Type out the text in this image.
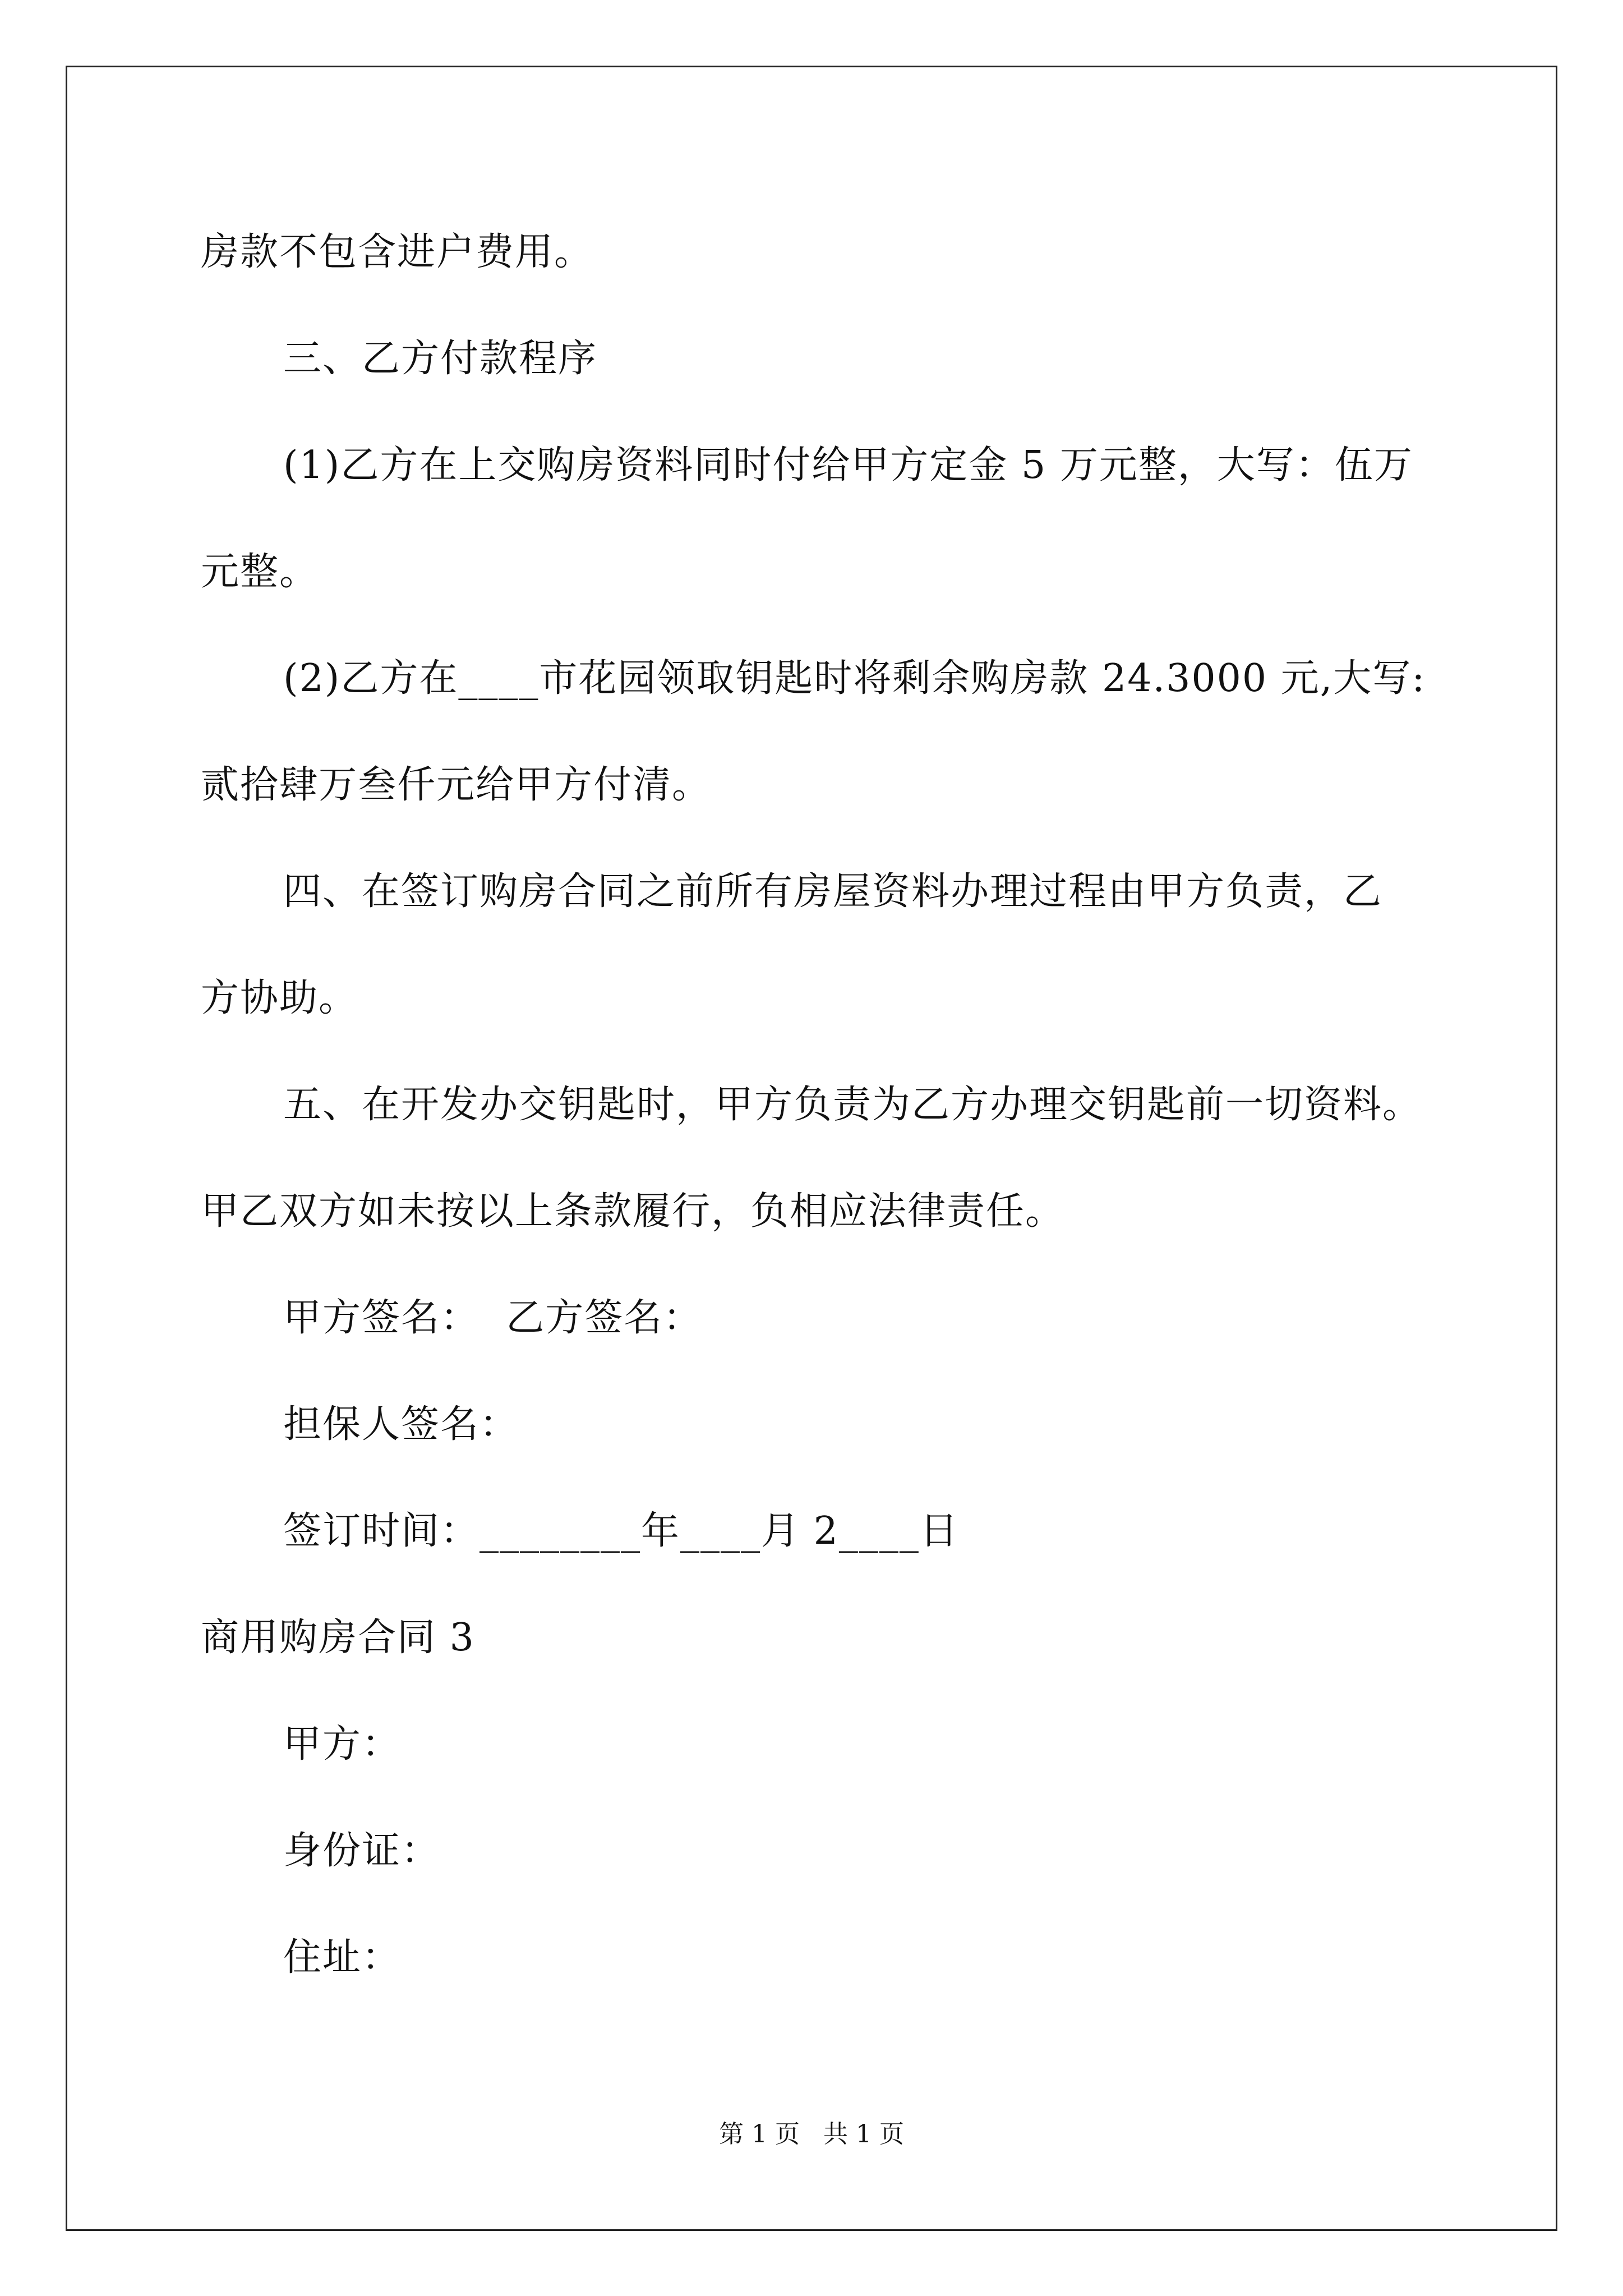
房款不包含进户费用。
三、乙方付款程序
(1)乙方在上交购房资料同时付给甲方定金 5 万元整，大写：伍万
元整。
(2)乙方在____市花园领取钥匙时将剩余购房款 24.3000 元,大写:
贰拾肆万叁仟元给甲方付清。
四、在签订购房合同之前所有房屋资料办理过程由甲方负责，乙
方协助。
五、在开发办交钥匙时，甲方负责为乙方办理交钥匙前一切资料。
甲乙双方如未按以上条款履行，负相应法律责任。
甲方签名：  乙方签名：
担保人签名：
签订时间：________年____月 2____日
商用购房合同 3
甲方：
身份证：
住址：
第 1 页   共 1 页
